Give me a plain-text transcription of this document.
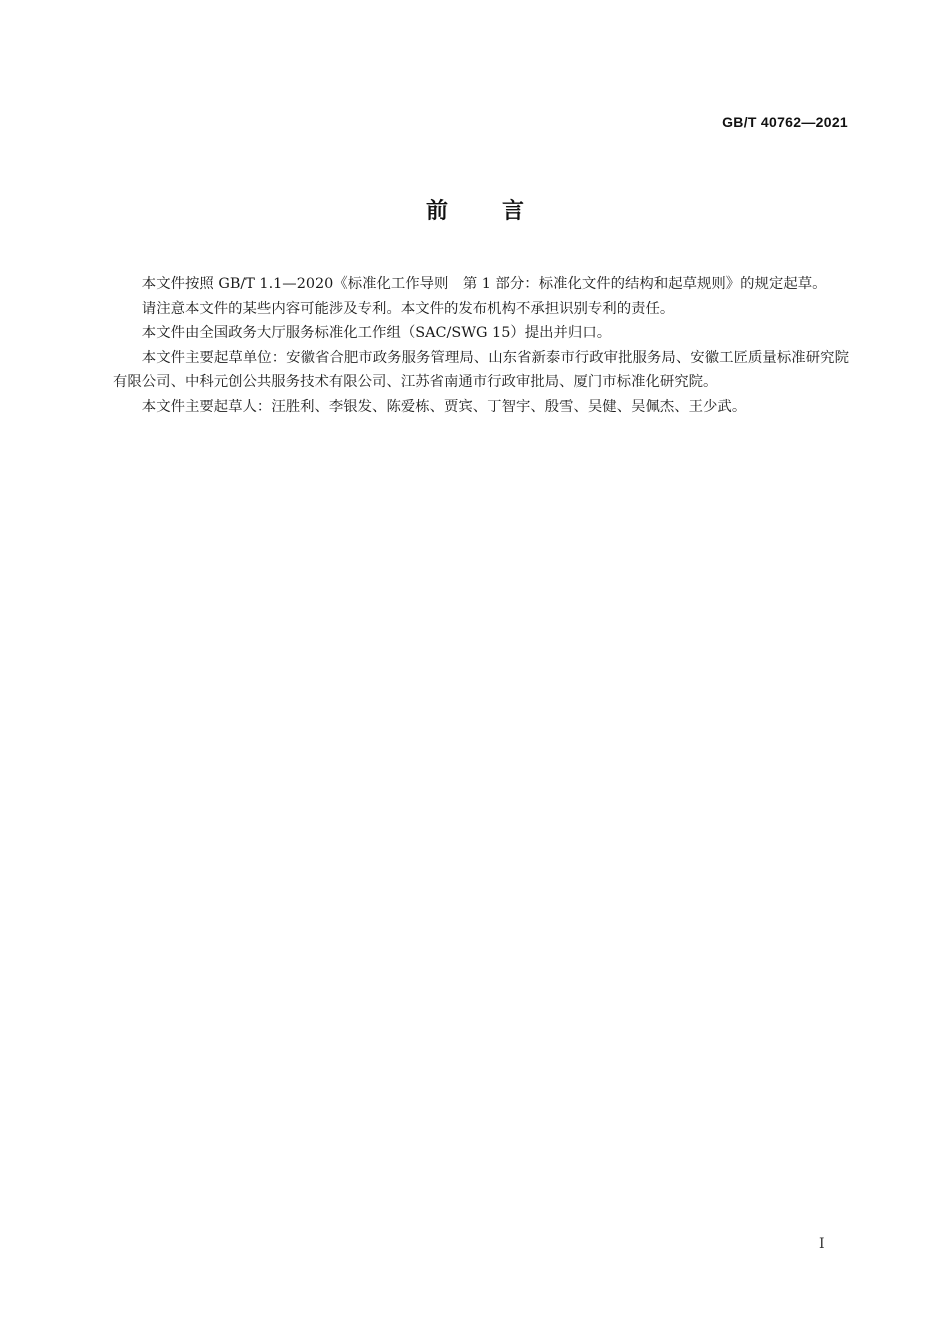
GB/T 40762—2021
前言

本文件按照 GB/T 1.1—2020《标准化工作导则　第 1 部分：标准化文件的结构和起草规则》的规定起草。

请注意本文件的某些内容可能涉及专利。本文件的发布机构不承担识别专利的责任。

本文件由全国政务大厅服务标准化工作组（SAC/SWG 15）提出并归口。

本文件主要起草单位：安徽省合肥市政务服务管理局、山东省新泰市行政审批服务局、安徽工匠质量标准研究院有限公司、中科元创公共服务技术有限公司、江苏省南通市行政审批局、厦门市标准化研究院。

本文件主要起草人：汪胜利、李银发、陈爱栋、贾宾、丁智宇、殷雪、吴健、吴佩杰、王少武。

I
